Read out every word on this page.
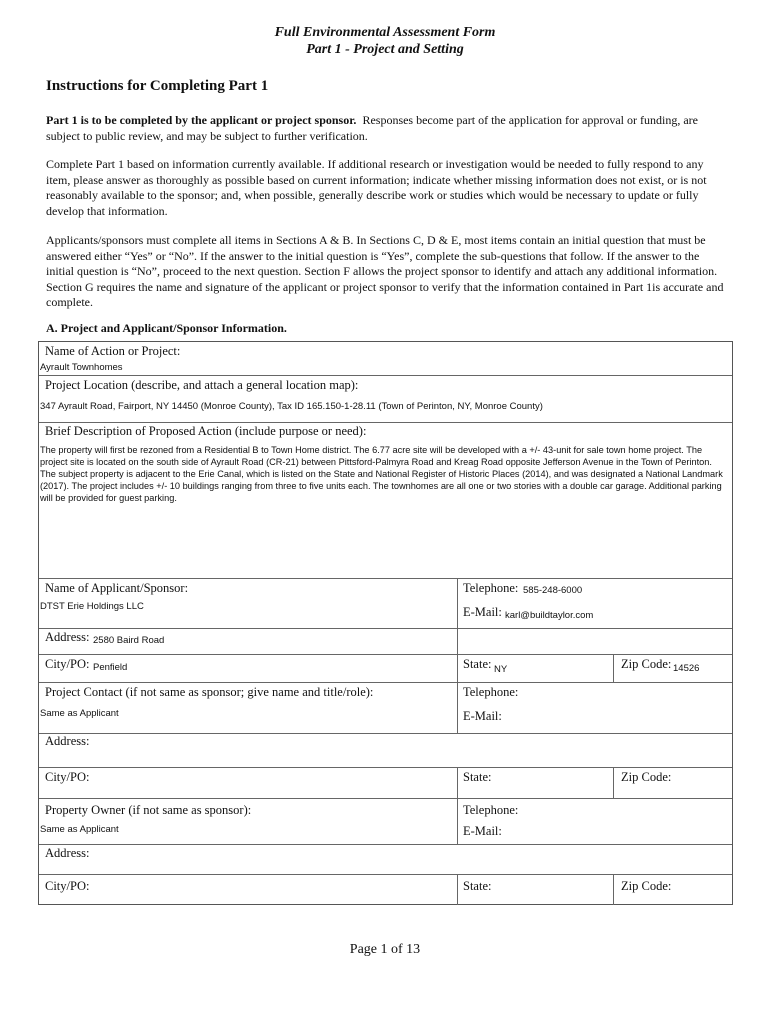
Full Environmental Assessment Form
Part 1 - Project and Setting
Instructions for Completing Part 1
Part 1 is to be completed by the applicant or project sponsor. Responses become part of the application for approval or funding, are subject to public review, and may be subject to further verification.
Complete Part 1 based on information currently available. If additional research or investigation would be needed to fully respond to any item, please answer as thoroughly as possible based on current information; indicate whether missing information does not exist, or is not reasonably available to the sponsor; and, when possible, generally describe work or studies which would be necessary to update or fully develop that information.
Applicants/sponsors must complete all items in Sections A & B. In Sections C, D & E, most items contain an initial question that must be answered either “Yes” or “No”. If the answer to the initial question is “Yes”, complete the sub-questions that follow. If the answer to the initial question is “No”, proceed to the next question. Section F allows the project sponsor to identify and attach any additional information. Section G requires the name and signature of the applicant or project sponsor to verify that the information contained in Part 1is accurate and complete.
A. Project and Applicant/Sponsor Information.
Name of Action or Project:
Ayrault Townhomes
Project Location (describe, and attach a general location map):
347 Ayrault Road, Fairport, NY 14450 (Monroe County), Tax ID 165.150-1-28.11 (Town of Perinton, NY, Monroe County)
Brief Description of Proposed Action (include purpose or need):
The property will first be rezoned from a Residential B to Town Home district. The 6.77 acre site will be developed with a +/- 43-unit for sale town home project. The project site is located on the south side of Ayrault Road (CR-21) between Pittsford-Palmyra Road and Kreag Road opposite Jefferson Avenue in the Town of Perinton. The subject property is adjacent to the Erie Canal, which is listed on the State and National Register of Historic Places (2014), and was designated a National Landmark (2017). The project includes +/- 10 buildings ranging from three to five units each. The townhomes are all one or two stories with a double car garage. Additional parking will be provided for guest parking.
Name of Applicant/Sponsor:
DTST Erie Holdings LLC
Telephone: 585-248-6000
E-Mail: karl@buildtaylor.com
Address: 2580 Baird Road
City/PO: Penfield	State: NY	Zip Code: 14526
Project Contact (if not same as sponsor; give name and title/role):
Same as Applicant
Telephone:
E-Mail:
Address:
City/PO:	State:	Zip Code:
Property Owner (if not same as sponsor):
Same as Applicant
Telephone:
E-Mail:
Address:
City/PO:	State:	Zip Code:
Page 1 of 13
